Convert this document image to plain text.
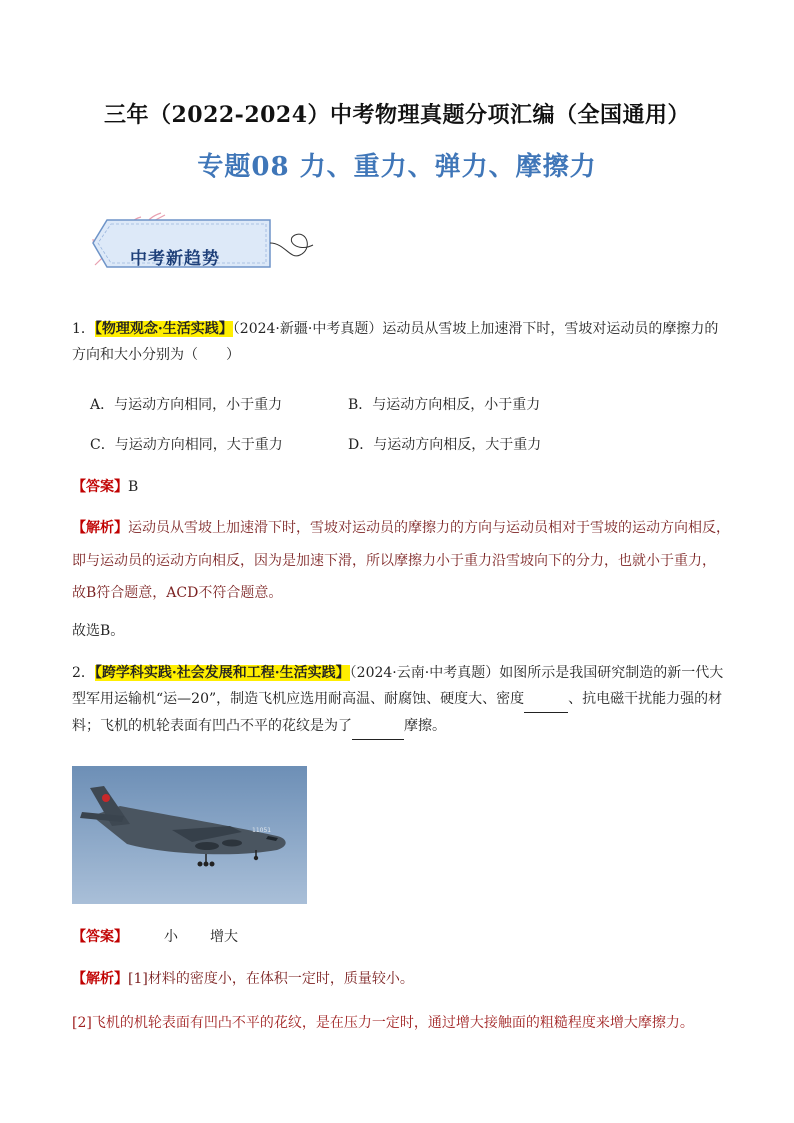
三年（2022-2024）中考物理真题分项汇编（全国通用）
专题08 力、重力、弹力、摩擦力
中考新趋势
1．【物理观念·生活实践】（2024·新疆·中考真题）运动员从雪坡上加速滑下时，雪坡对运动员的摩擦力的
方向和大小分别为（　　）
A．与运动方向相同，小于重力	B．与运动方向相反，小于重力
C．与运动方向相同，大于重力	D．与运动方向相反，大于重力
【答案】B
【解析】运动员从雪坡上加速滑下时，雪坡对运动员的摩擦力的方向与运动员相对于雪坡的运动方向相反，
即与运动员的运动方向相反，因为是加速下滑，所以摩擦力小于重力沿雪坡向下的分力，也就小于重力，
故B符合题意，ACD不符合题意。
故选B。
2．【跨学科实践·社会发展和工程·生活实践】（2024·云南·中考真题）如图所示是我国研究制造的新一代大
型军用运输机“运—20”，制造飞机应选用耐高温、耐腐蚀、硬度大、密度	、抗电磁干扰能力强的材
料；飞机的机轮表面有凹凸不平的花纹是为了	摩擦。
11051
【答案】	小 增大
【解析】[1]材料的密度小，在体积一定时，质量较小。
[2]飞机的机轮表面有凹凸不平的花纹，是在压力一定时，通过增大接触面的粗糙程度来增大摩擦力。
